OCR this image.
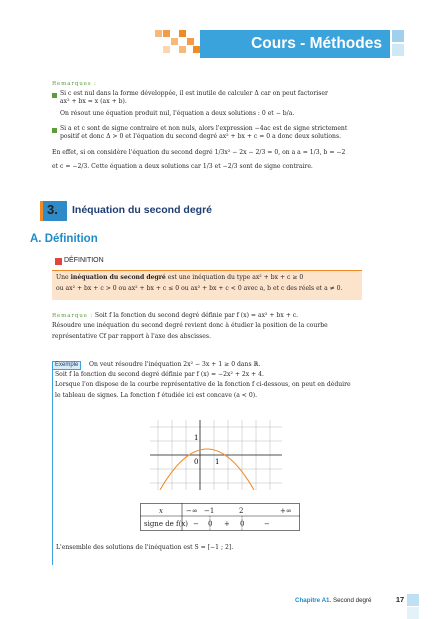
Cours - Méthodes
Remarques :
Si c est nul dans la forme développée, il est inutile de calculer Δ car on peut factoriser
ax² + bx = x (ax + b).
On résout une équation produit nul, l'équation a deux solutions : 0 et − b/a.
Si a et c sont de signe contraire et non nuls, alors l'expression −4ac est de signe strictement
positif et donc Δ > 0 et l'équation du second degré ax² + bx + c = 0 a donc deux solutions.
En effet, si on considère l'équation du second degré 1/3x² − 2x − 2/3 = 0, on a a = 1/3, b = −2
et c = −2/3. Cette équation a deux solutions car 1/3 et −2/3 sont de signe contraire.
3. Inéquation du second degré
A. Définition
DÉFINITION
Une inéquation du second degré est une inéquation du type ax² + bx + c ≥ 0
ou ax² + bx + c > 0 ou ax² + bx + c ≤ 0 ou ax² + bx + c < 0 avec a, b et c des réels et a ≠ 0.
Remarque : Soit f la fonction du second degré définie par f (x) = ax² + bx + c.
Résoudre une inéquation du second degré revient donc à étudier la position de la courbe
représentative Cf par rapport à l'axe des abscisses.
Exemple	On veut résoudre l'inéquation 2x² − 3x + 1 ≥ 0 dans ℝ.
Soit f la fonction du second degré définie par f (x) = −2x² + 2x + 4.
Lorsque l'on dispose de la courbe représentative de la fonction f ci-dessous, on peut en déduire
le tableau de signes. La fonction f étudiée ici est concave (a < 0).
1
0 1
x	−∞ −1	2	+∞
signe de f(x) − 0 + 0	−
L'ensemble des solutions de l'inéquation est S = [−1 ; 2].
Chapitre A1. Second degré	17
